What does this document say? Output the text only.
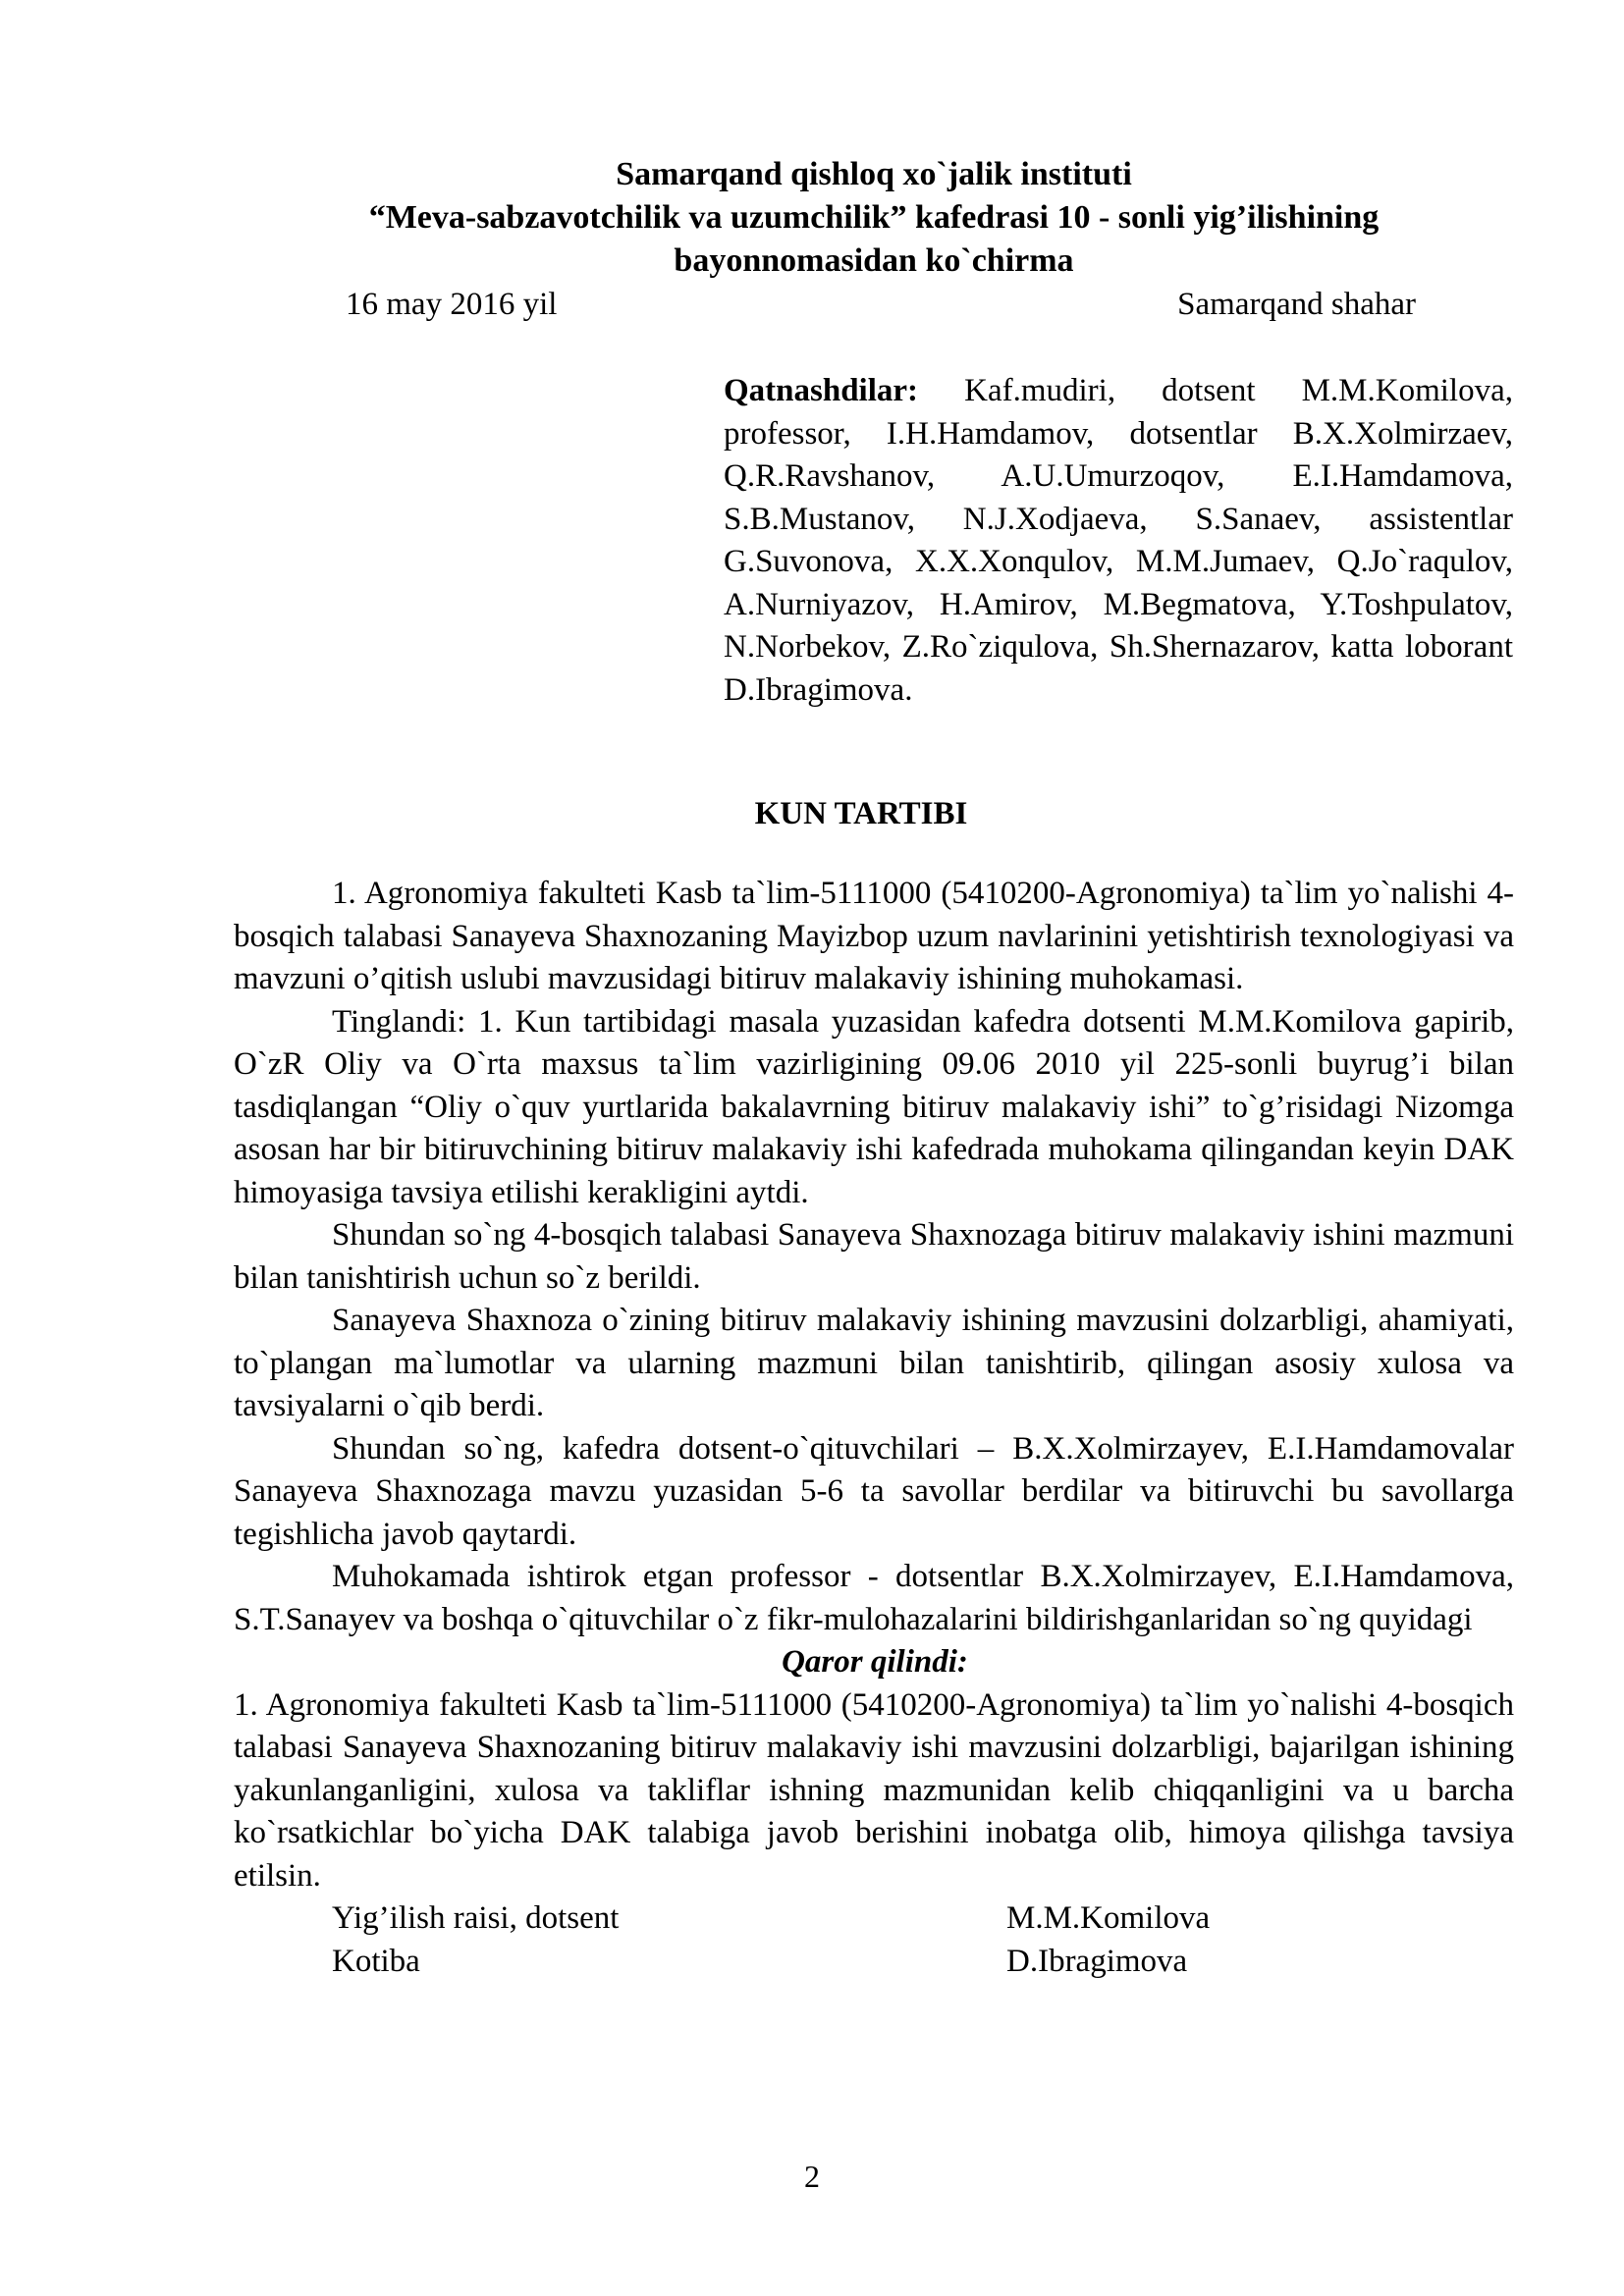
Samarqand qishloq xo`jalik instituti
“Meva-sabzavotchilik va uzumchilik” kafedrasi 10 - sonli yig’ilishining
bayonnomasidan ko`chirma
16 may 2016 yil	Samarqand shahar
Qatnashdilar: Kaf.mudiri, dotsent M.M.Komilova, professor, I.H.Hamdamov, dotsentlar B.X.Xolmirzaev, Q.R.Ravshanov, A.U.Umurzoqov, E.I.Hamdamova, S.B.Mustanov, N.J.Xodjaeva, S.Sanaev, assistentlar G.Suvonova, X.X.Xonqulov, M.M.Jumaev, Q.Jo`raqulov, A.Nurniyazov, H.Amirov, M.Begmatova, Y.Toshpulatov, N.Norbekov, Z.Ro`ziqulova, Sh.Shernazarov, katta loborant D.Ibragimova.
KUN TARTIBI

1. Agronomiya fakulteti Kasb ta`lim-5111000 (5410200-Agronomiya) ta`lim yo`nalishi 4-bosqich talabasi Sanayeva Shaxnozaning Mayizbop uzum navlarinini yetishtirish texnologiyasi va mavzuni o’qitish uslubi mavzusidagi bitiruv malakaviy ishining muhokamasi.

Tinglandi: 1. Kun tartibidagi masala yuzasidan kafedra dotsenti M.M.Komilova gapirib, O`zR Oliy va O`rta maxsus ta`lim vazirligining 09.06 2010 yil 225-sonli buyrug’i bilan tasdiqlangan “Oliy o`quv yurtlarida bakalavrning bitiruv malakaviy ishi” to`g’risidagi Nizomga asosan har bir bitiruvchining bitiruv malakaviy ishi kafedrada muhokama qilingandan keyin DAK himoyasiga tavsiya etilishi kerakligini aytdi.

Shundan so`ng 4-bosqich talabasi Sanayeva Shaxnozaga bitiruv malakaviy ishini mazmuni bilan tanishtirish uchun so`z berildi.

Sanayeva Shaxnoza o`zining bitiruv malakaviy ishining mavzusini dolzarbligi, ahamiyati, to`plangan ma`lumotlar va ularning mazmuni bilan tanishtirib, qilingan asosiy xulosa va tavsiyalarni o`qib berdi.

Shundan so`ng, kafedra dotsent-o`qituvchilari – B.X.Xolmirzayev, E.I.Hamdamovalar Sanayeva Shaxnozaga mavzu yuzasidan 5-6 ta savollar berdilar va bitiruvchi bu savollarga tegishlicha javob qaytardi.

Muhokamada ishtirok etgan professor - dotsentlar B.X.Xolmirzayev, E.I.Hamdamova, S.T.Sanayev va boshqa o`qituvchilar o`z fikr-mulohazalarini bildirishganlaridan so`ng quyidagi

Qaror qilindi:

1. Agronomiya fakulteti Kasb ta`lim-5111000 (5410200-Agronomiya) ta`lim yo`nalishi 4-bosqich talabasi Sanayeva Shaxnozaning bitiruv malakaviy ishi mavzusini dolzarbligi, bajarilgan ishining yakunlanganligini, xulosa va takliflar ishning mazmunidan kelib chiqqanligini va u barcha ko`rsatkichlar bo`yicha DAK talabiga javob berishini inobatga olib, himoya qilishga tavsiya etilsin.

Yig’ilish raisi, dotsent	M.M.Komilova
Kotiba	D.Ibragimova
2
